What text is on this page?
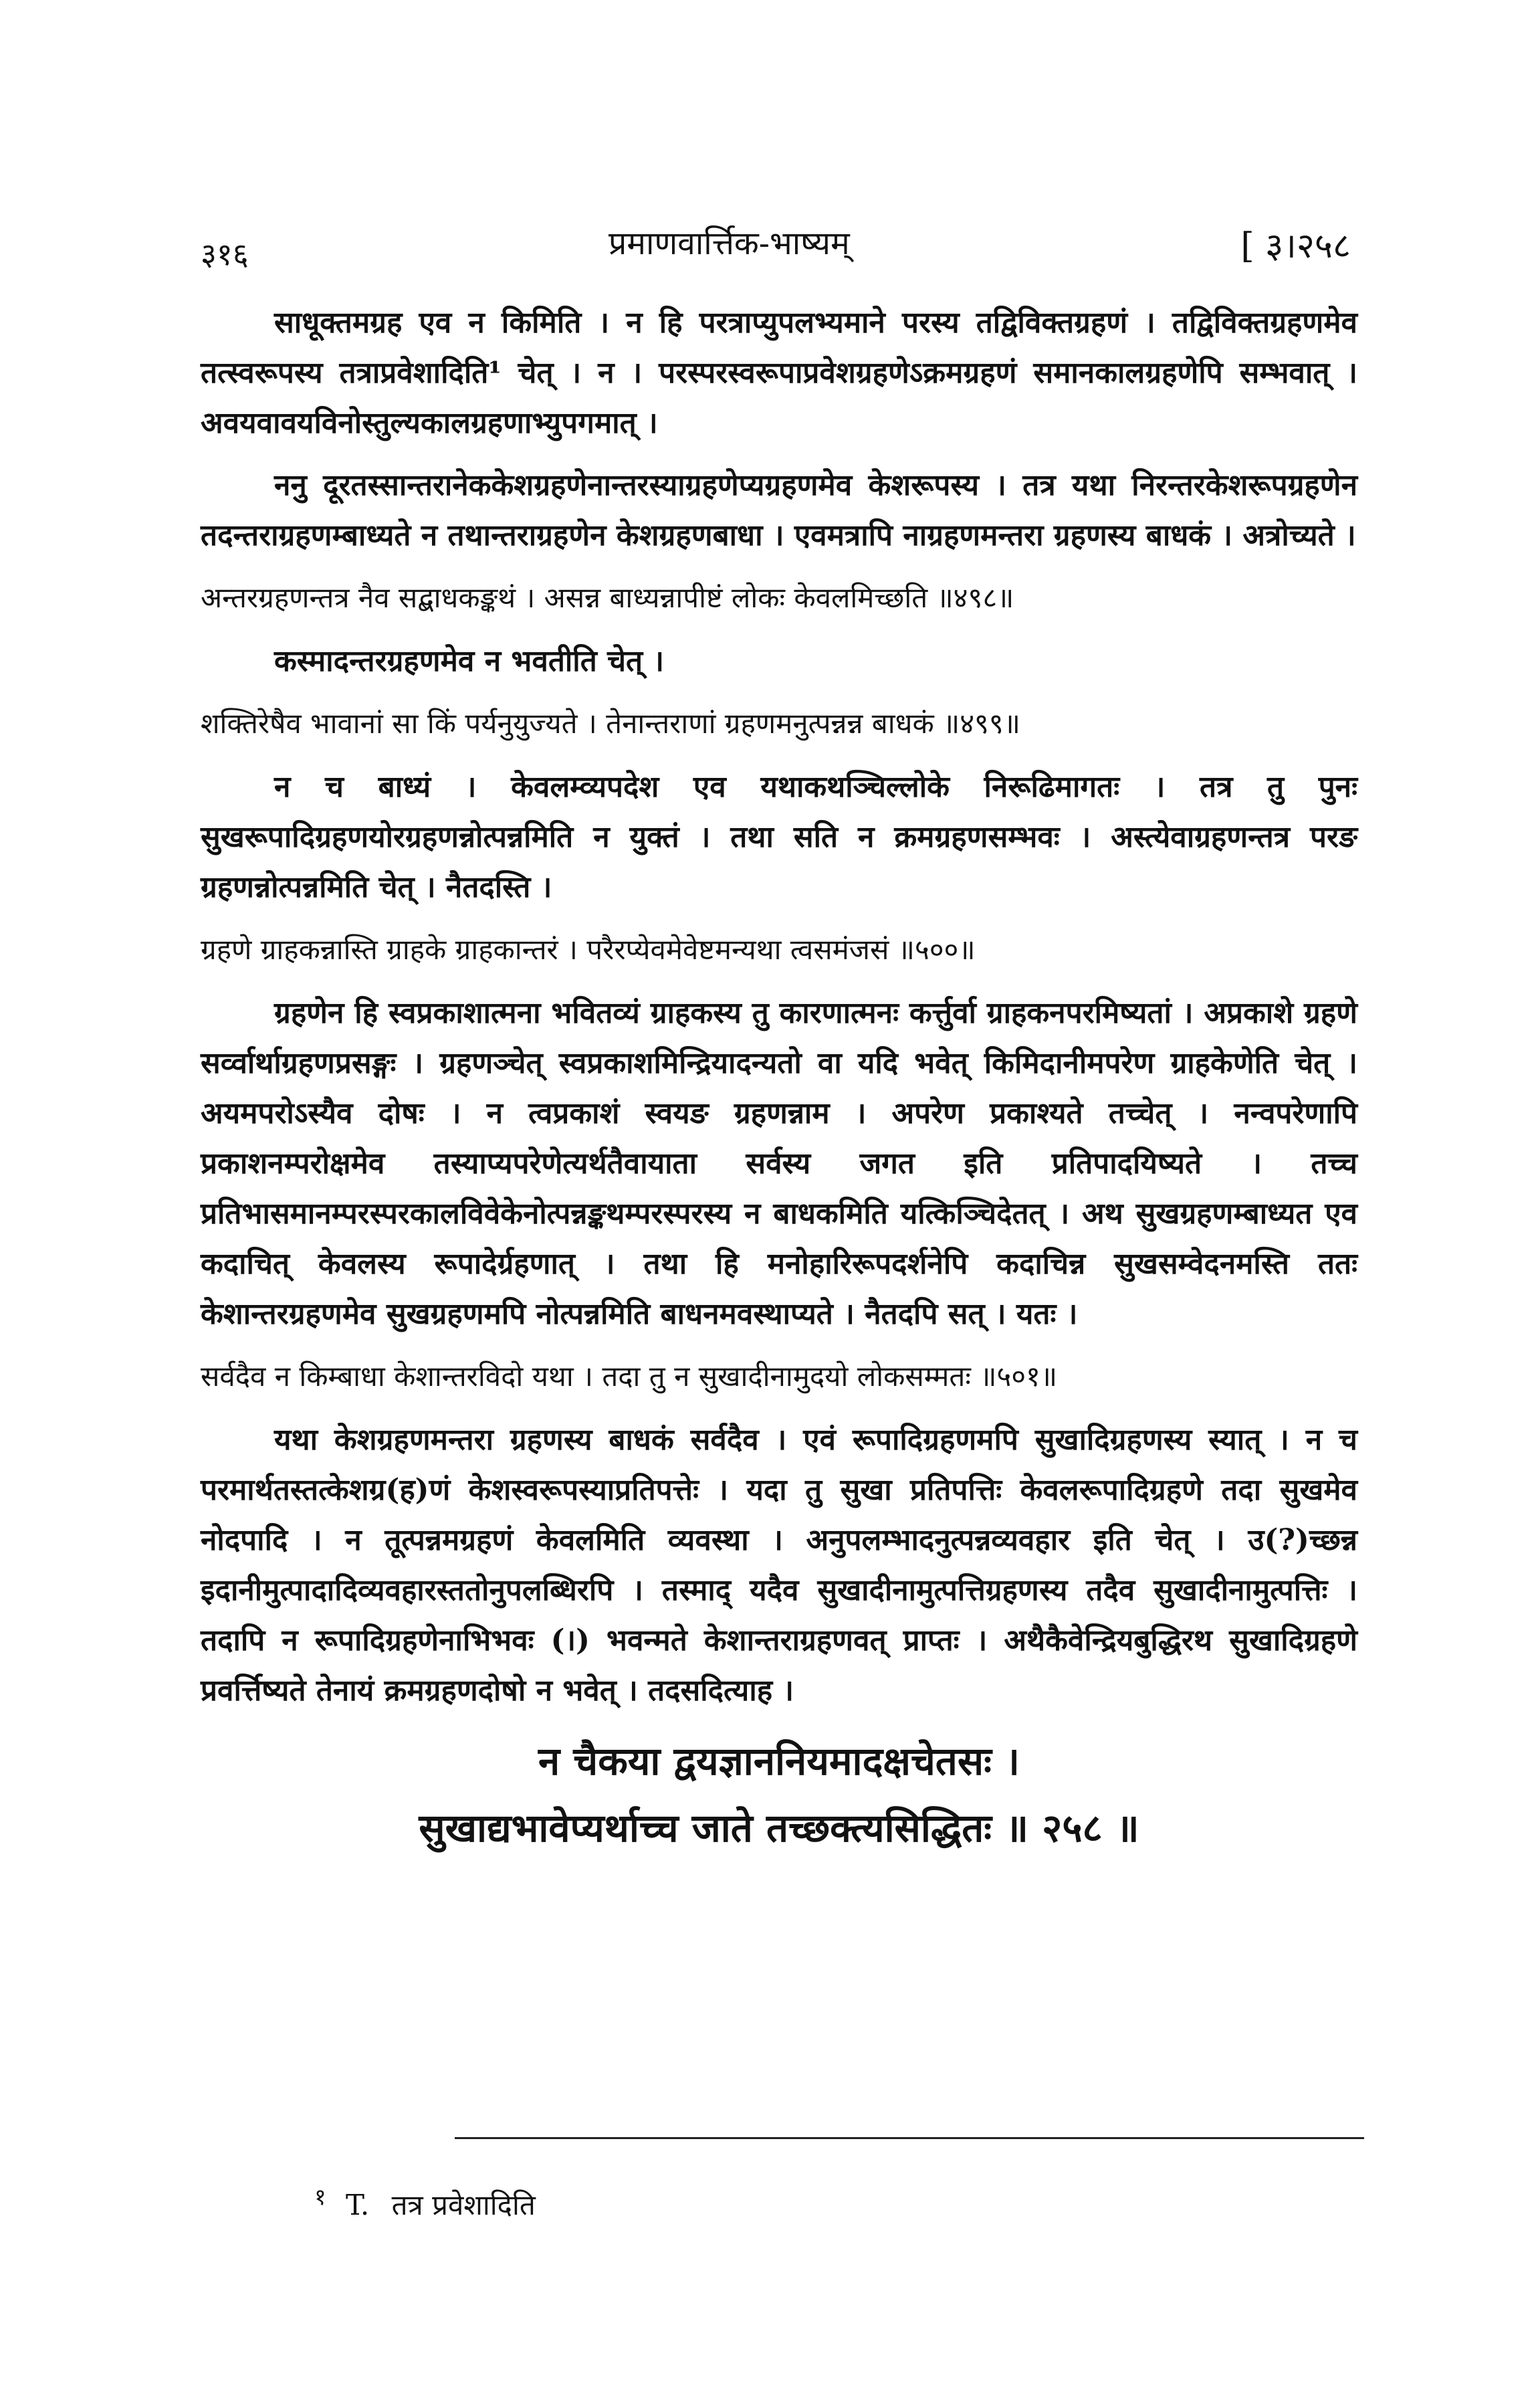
३१६	प्रमाणवार्त्तिक-भाष्यम्	[ ३।२५८

साधूक्तमग्रह एव न किमिति । न हि परत्राप्युपलभ्यमाने परस्य तद्विविक्तग्रहणं । तद्विविक्तग्रहणमेव तत्स्वरूपस्य तत्राप्रवेशादिति¹ चेत् । न । परस्परस्वरूपाप्रवेशग्रहणेऽक्रमग्रहणं समानकालग्रहणेपि सम्भवात् । अवयवावयविनोस्तुल्यकालग्रहणाभ्युपगमात् ।

ननु दूरतस्सान्तरानेककेशग्रहणेनान्तरस्याग्रहणेप्यग्रहणमेव केशरूपस्य । तत्र यथा निरन्तरकेशरूपग्रहणेन तदन्तराग्रहणम्बाध्यते न तथान्तराग्रहणेन केशग्रहणबाधा । एवमत्रापि नाग्रहणमन्तरा ग्रहणस्य बाधकं । अत्रोच्यते ।

अन्तरग्रहणन्तत्र नैव सद्बाधकङ्कथं । असन्न बाध्यन्नापीष्टं लोकः केवलमिच्छति ॥४९८॥

कस्मादन्तरग्रहणमेव न भवतीति चेत् ।

शक्तिरेषैव भावानां सा किं पर्यनुयुज्यते । तेनान्तराणां ग्रहणमनुत्पन्नन्न बाधकं ॥४९९॥

न च बाध्यं । केवलम्व्यपदेश एव यथाकथञ्चिल्लोके निरूढिमागतः । तत्र तु पुनः सुखरूपादिग्रहणयोरग्रहणन्नोत्पन्नमिति न युक्तं । तथा सति न क्रमग्रहणसम्भवः । अस्त्येवाग्रहणन्तत्र परङ ग्रहणन्नोत्पन्नमिति चेत् । नैतदस्ति ।

ग्रहणे ग्राहकन्नास्ति ग्राहके ग्राहकान्तरं । परैरप्येवमेवेष्टमन्यथा त्वसमंजसं ॥५००॥

ग्रहणेन हि स्वप्रकाशात्मना भवितव्यं ग्राहकस्य तु कारणात्मनः कर्त्तुर्वा ग्राहकनपरमिष्यतां । अप्रकाशे ग्रहणे सर्व्वार्थाग्रहणप्रसङ्गः । ग्रहणञ्चेत् स्वप्रकाशमिन्द्रियादन्यतो वा यदि भवेत् किमिदानीमपरेण ग्राहकेणेति चेत् । अयमपरोऽस्यैव दोषः । न त्वप्रकाशं स्वयङ ग्रहणन्नाम । अपरेण प्रकाश्यते तच्चेत् । नन्वपरेणापि प्रकाशनम्परोक्षमेव तस्याप्यपरेणेत्यर्थतैवायाता सर्वस्य जगत इति प्रतिपादयिष्यते । तच्च प्रतिभासमानम्परस्परकालविवेकेनोत्पन्नङ्कथम्परस्परस्य न बाधकमिति यत्किञ्चिदेतत् । अथ सुखग्रहणम्बाध्यत एव कदाचित् केवलस्य रूपादेर्ग्रहणात् । तथा हि मनोहारिरूपदर्शनेपि कदाचिन्न सुखसम्वेदनमस्ति ततः केशान्तरग्रहणमेव सुखग्रहणमपि नोत्पन्नमिति बाधनमवस्थाप्यते । नैतदपि सत् । यतः ।

सर्वदैव न किम्बाधा केशान्तरविदो यथा । तदा तु न सुखादीनामुदयो लोकसम्मतः ॥५०१॥

यथा केशग्रहणमन्तरा ग्रहणस्य बाधकं सर्वदैव । एवं रूपादिग्रहणमपि सुखादिग्रहणस्य स्यात् । न च परमार्थतस्तत्केशग्र(ह)णं केशस्वरूपस्याप्रतिपत्तेः । यदा तु सुखा प्रतिपत्तिः केवलरूपादिग्रहणे तदा सुखमेव नोदपादि । न तूत्पन्नमग्रहणं केवलमिति व्यवस्था । अनुपलम्भादनुत्पन्नव्यवहार इति चेत् । उ(?)च्छन्न इदानीमुत्पादादिव्यवहारस्ततोनुपलब्धिरपि । तस्माद् यदैव सुखादीनामुत्पत्तिग्रहणस्य तदैव सुखादीनामुत्पत्तिः । तदापि न रूपादिग्रहणेनाभिभवः (।) भवन्मते केशान्तराग्रहणवत् प्राप्तः । अथैकैवेन्द्रियबुद्धिरथ सुखादिग्रहणे प्रवर्त्तिष्यते तेनायं क्रमग्रहणदोषो न भवेत् । तदसदित्याह ।

न चैकया द्वयज्ञाननियमादक्षचेतसः ।

सुखाद्यभावेप्यर्थाच्च जाते तच्छक्त्यसिद्धितः ॥ २५८ ॥

$^१$ T. तत्र प्रवेशादिति
